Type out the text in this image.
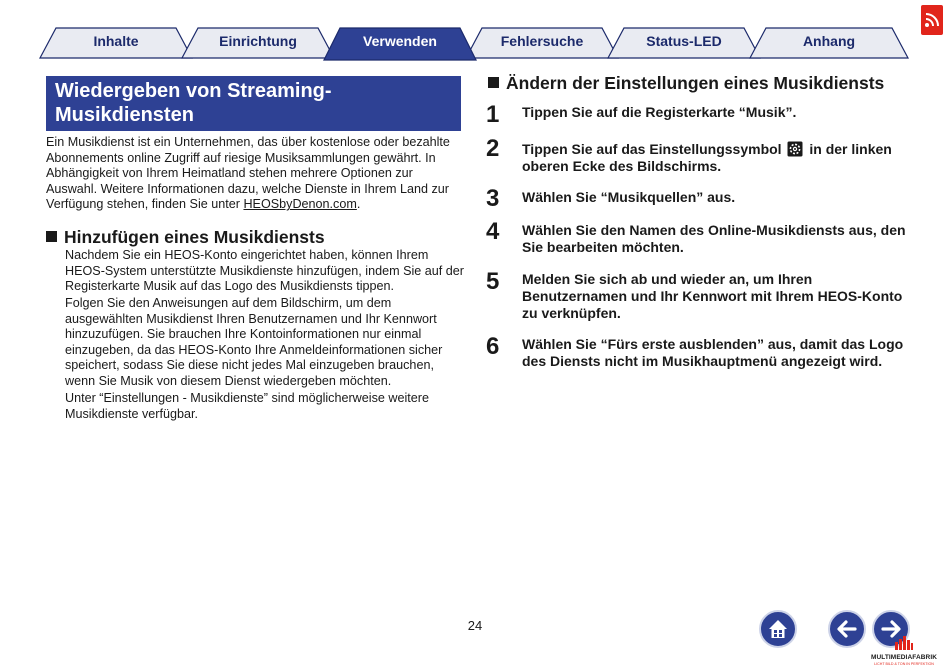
Inhalte	Einrichtung	Verwenden	Fehlersuche	Status-LED	Anhang
Wiedergeben von Streaming-Musikdiensten

Ein Musikdienst ist ein Unternehmen, das über kostenlose oder bezahlte Abonnements online Zugriff auf riesige Musiksammlungen gewährt. In Abhängigkeit von Ihrem Heimatland stehen mehrere Optionen zur Auswahl. Weitere Informationen dazu, welche Dienste in Ihrem Land zur Verfügung stehen, finden Sie unter HEOSbyDenon.com.

Hinzufügen eines Musikdiensts

Nachdem Sie ein HEOS-Konto eingerichtet haben, können Ihrem HEOS-System unterstützte Musikdienste hinzufügen, indem Sie auf der Registerkarte Musik auf das Logo des Musikdiensts tippen.

Folgen Sie den Anweisungen auf dem Bildschirm, um dem ausgewählten Musikdienst Ihren Benutzernamen und Ihr Kennwort hinzuzufügen. Sie brauchen Ihre Kontoinformationen nur einmal einzugeben, da das HEOS-Konto Ihre Anmeldeinformationen sicher speichert, sodass Sie diese nicht jedes Mal einzugeben brauchen, wenn Sie Musik von diesem Dienst wiedergeben möchten.

Unter “Einstellungen - Musikdienste” sind möglicherweise weitere Musikdienste verfügbar.

Ändern der Einstellungen eines Musikdiensts
1 Tippen Sie auf die Registerkarte “Musik”.

2 Tippen Sie auf das Einstellungssymbol in der linken oberen Ecke des Bildschirms.

3 Wählen Sie “Musikquellen” aus.

4 Wählen Sie den Namen des Online-Musikdiensts aus, den Sie bearbeiten möchten.

5 Melden Sie sich ab und wieder an, um Ihren Benutzernamen und Ihr Kennwort mit Ihrem HEOS-Konto zu verknüpfen.

6 Wählen Sie “Fürs erste ausblenden” aus, damit das Logo des Diensts nicht im Musikhauptmenü angezeigt wird.

24
MULTIMEDIAFABRIK
LICHT BILD & TON IN PERFEKTION
